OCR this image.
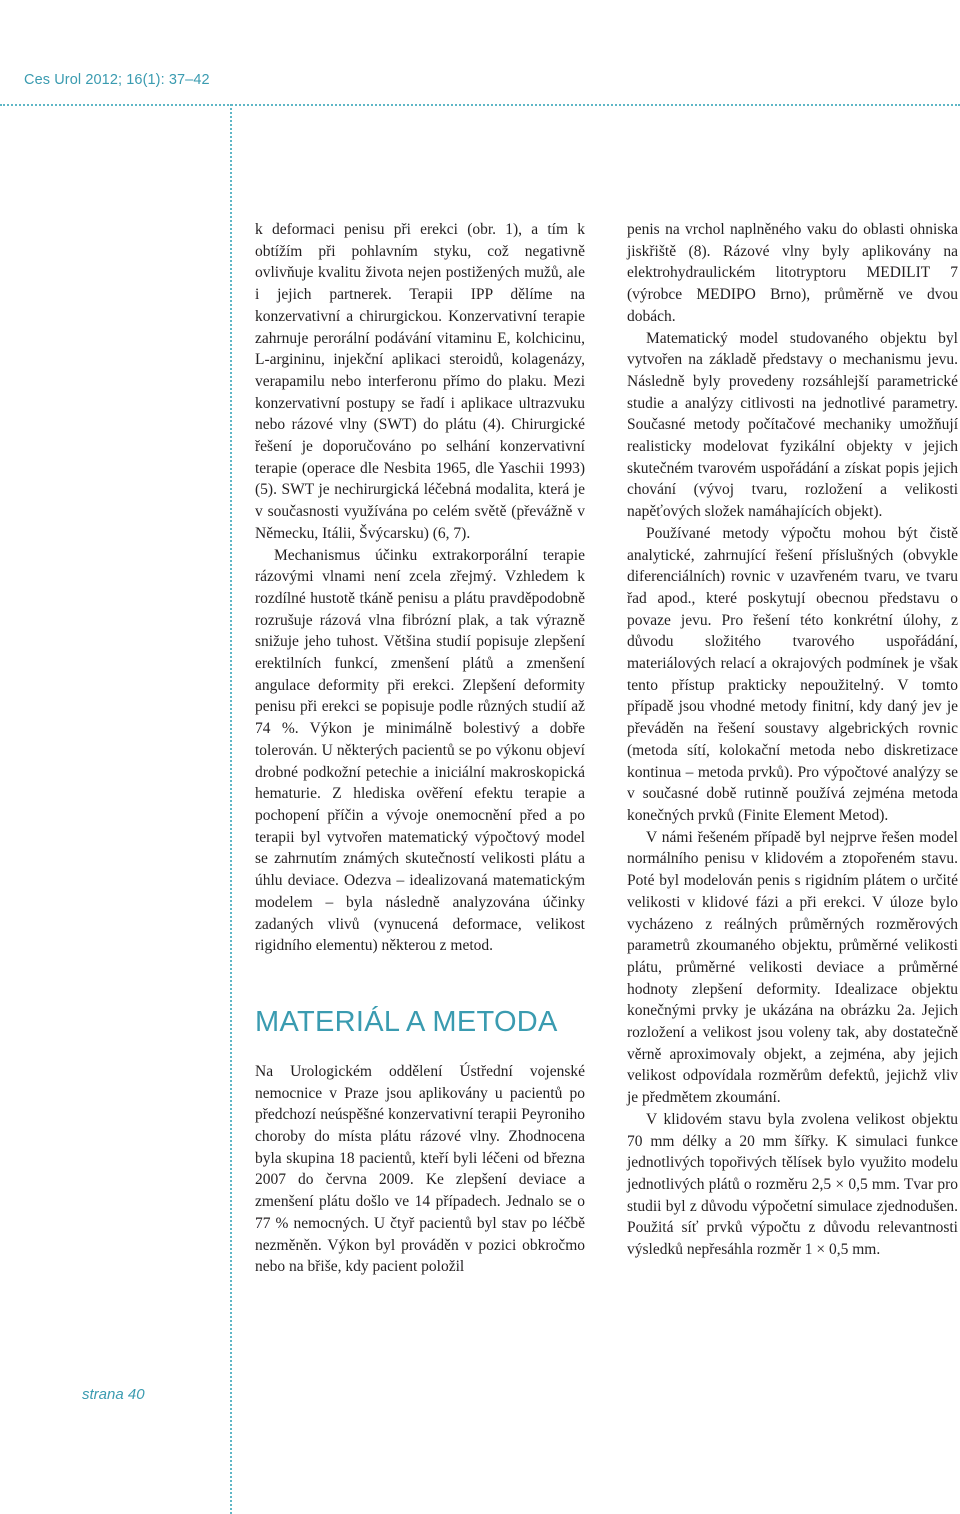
Ces Urol 2012; 16(1): 37–42
strana 40

k deformaci penisu při erekci (obr. 1), a tím k obtížím při pohlavním styku, což negativně ovlivňuje kvalitu života nejen postižených mužů, ale i jejich partnerek. Terapii IPP dělíme na konzervativní a chirurgickou. Konzervativní terapie zahrnuje perorální podávání vitaminu E, kolchicinu, L-argininu, injekční aplikaci steroidů, kolagenázy, verapamilu nebo interferonu přímo do plaku. Mezi konzervativní postupy se řadí i aplikace ultrazvuku nebo rázové vlny (SWT) do plátu (4). Chirurgické řešení je doporučováno po selhání konzervativní terapie (operace dle Nesbita 1965, dle Yaschii 1993) (5). SWT je nechirurgická léčebná modalita, která je v současnosti využívána po celém světě (převážně v Německu, Itálii, Švýcarsku) (6, 7).

Mechanismus účinku extrakorporální terapie rázovými vlnami není zcela zřejmý. Vzhledem k rozdílné hustotě tkáně penisu a plátu pravděpodobně rozrušuje rázová vlna fibrózní plak, a tak výrazně snižuje jeho tuhost. Většina studií popisuje zlepšení erektilních funkcí, zmenšení plátů a zmenšení angulace deformity při erekci. Zlepšení deformity penisu při erekci se popisuje podle různých studií až 74 %. Výkon je minimálně bolestivý a dobře tolerován. U některých pacientů se po výkonu objeví drobné podkožní petechie a iniciální makroskopická hematurie. Z hlediska ověření efektu terapie a pochopení příčin a vývoje onemocnění před a po terapii byl vytvořen matematický výpočtový model se zahrnutím známých skutečností velikosti plátu a úhlu deviace. Odezva – idealizovaná matematickým modelem – byla následně analyzována účinky zadaných vlivů (vynucená deformace, velikost rigidního elementu) některou z metod.

MATERIÁL A METODA

Na Urologickém oddělení Ústřední vojenské nemocnice v Praze jsou aplikovány u pacientů po předchozí neúspěšné konzervativní terapii Peyroniho choroby do místa plátu rázové vlny. Zhodnocena byla skupina 18 pacientů, kteří byli léčeni od března 2007 do června 2009. Ke zlepšení deviace a zmenšení plátu došlo ve 14 případech. Jednalo se o 77 % nemocných. U čtyř pacientů byl stav po léčbě nezměněn. Výkon byl prováděn v pozici obkročmo nebo na břiše, kdy pacient položil

penis na vrchol naplněného vaku do oblasti ohniska jiskřiště (8). Rázové vlny byly aplikovány na elektrohydraulickém litotryptoru MEDILIT 7 (výrobce MEDIPO Brno), průměrně ve dvou dobách.

Matematický model studovaného objektu byl vytvořen na základě představy o mechanismu jevu. Následně byly provedeny rozsáhlejší parametrické studie a analýzy citlivosti na jednotlivé parametry. Současné metody počítačové mechaniky umožňují realisticky modelovat fyzikální objekty v jejich skutečném tvarovém uspořádání a získat popis jejich chování (vývoj tvaru, rozložení a velikosti napěťových složek namáhajících objekt).

Používané metody výpočtu mohou být čistě analytické, zahrnující řešení příslušných (obvykle diferenciálních) rovnic v uzavřeném tvaru, ve tvaru řad apod., které poskytují obecnou představu o povaze jevu. Pro řešení této konkrétní úlohy, z důvodu složitého tvarového uspořádání, materiálových relací a okrajových podmínek je však tento přístup prakticky nepoužitelný. V tomto případě jsou vhodné metody finitní, kdy daný jev je převáděn na řešení soustavy algebrických rovnic (metoda sítí, kolokační metoda nebo diskretizace kontinua – metoda prvků). Pro výpočtové analýzy se v současné době rutinně používá zejména metoda konečných prvků (Finite Element Metod).

V námi řešeném případě byl nejprve řešen model normálního penisu v klidovém a ztopořeném stavu. Poté byl modelován penis s rigidním plátem o určité velikosti v klidové fázi a při erekci. V úloze bylo vycházeno z reálných průměrných rozměrových parametrů zkoumaného objektu, průměrné velikosti plátu, průměrné velikosti deviace a průměrné hodnoty zlepšení deformity. Idealizace objektu konečnými prvky je ukázána na obrázku 2a. Jejich rozložení a velikost jsou voleny tak, aby dostatečně věrně aproximovaly objekt, a zejména, aby jejich velikost odpovídala rozměrům defektů, jejichž vliv je předmětem zkoumání.

V klidovém stavu byla zvolena velikost objektu 70 mm délky a 20 mm šířky. K simulaci funkce jednotlivých topořivých tělísek bylo využito modelu jednotlivých plátů o rozměru 2,5 × 0,5 mm. Tvar pro studii byl z důvodu výpočetní simulace zjednodušen. Použitá síť prvků výpočtu z důvodu relevantnosti výsledků nepřesáhla rozměr 1 × 0,5 mm.
